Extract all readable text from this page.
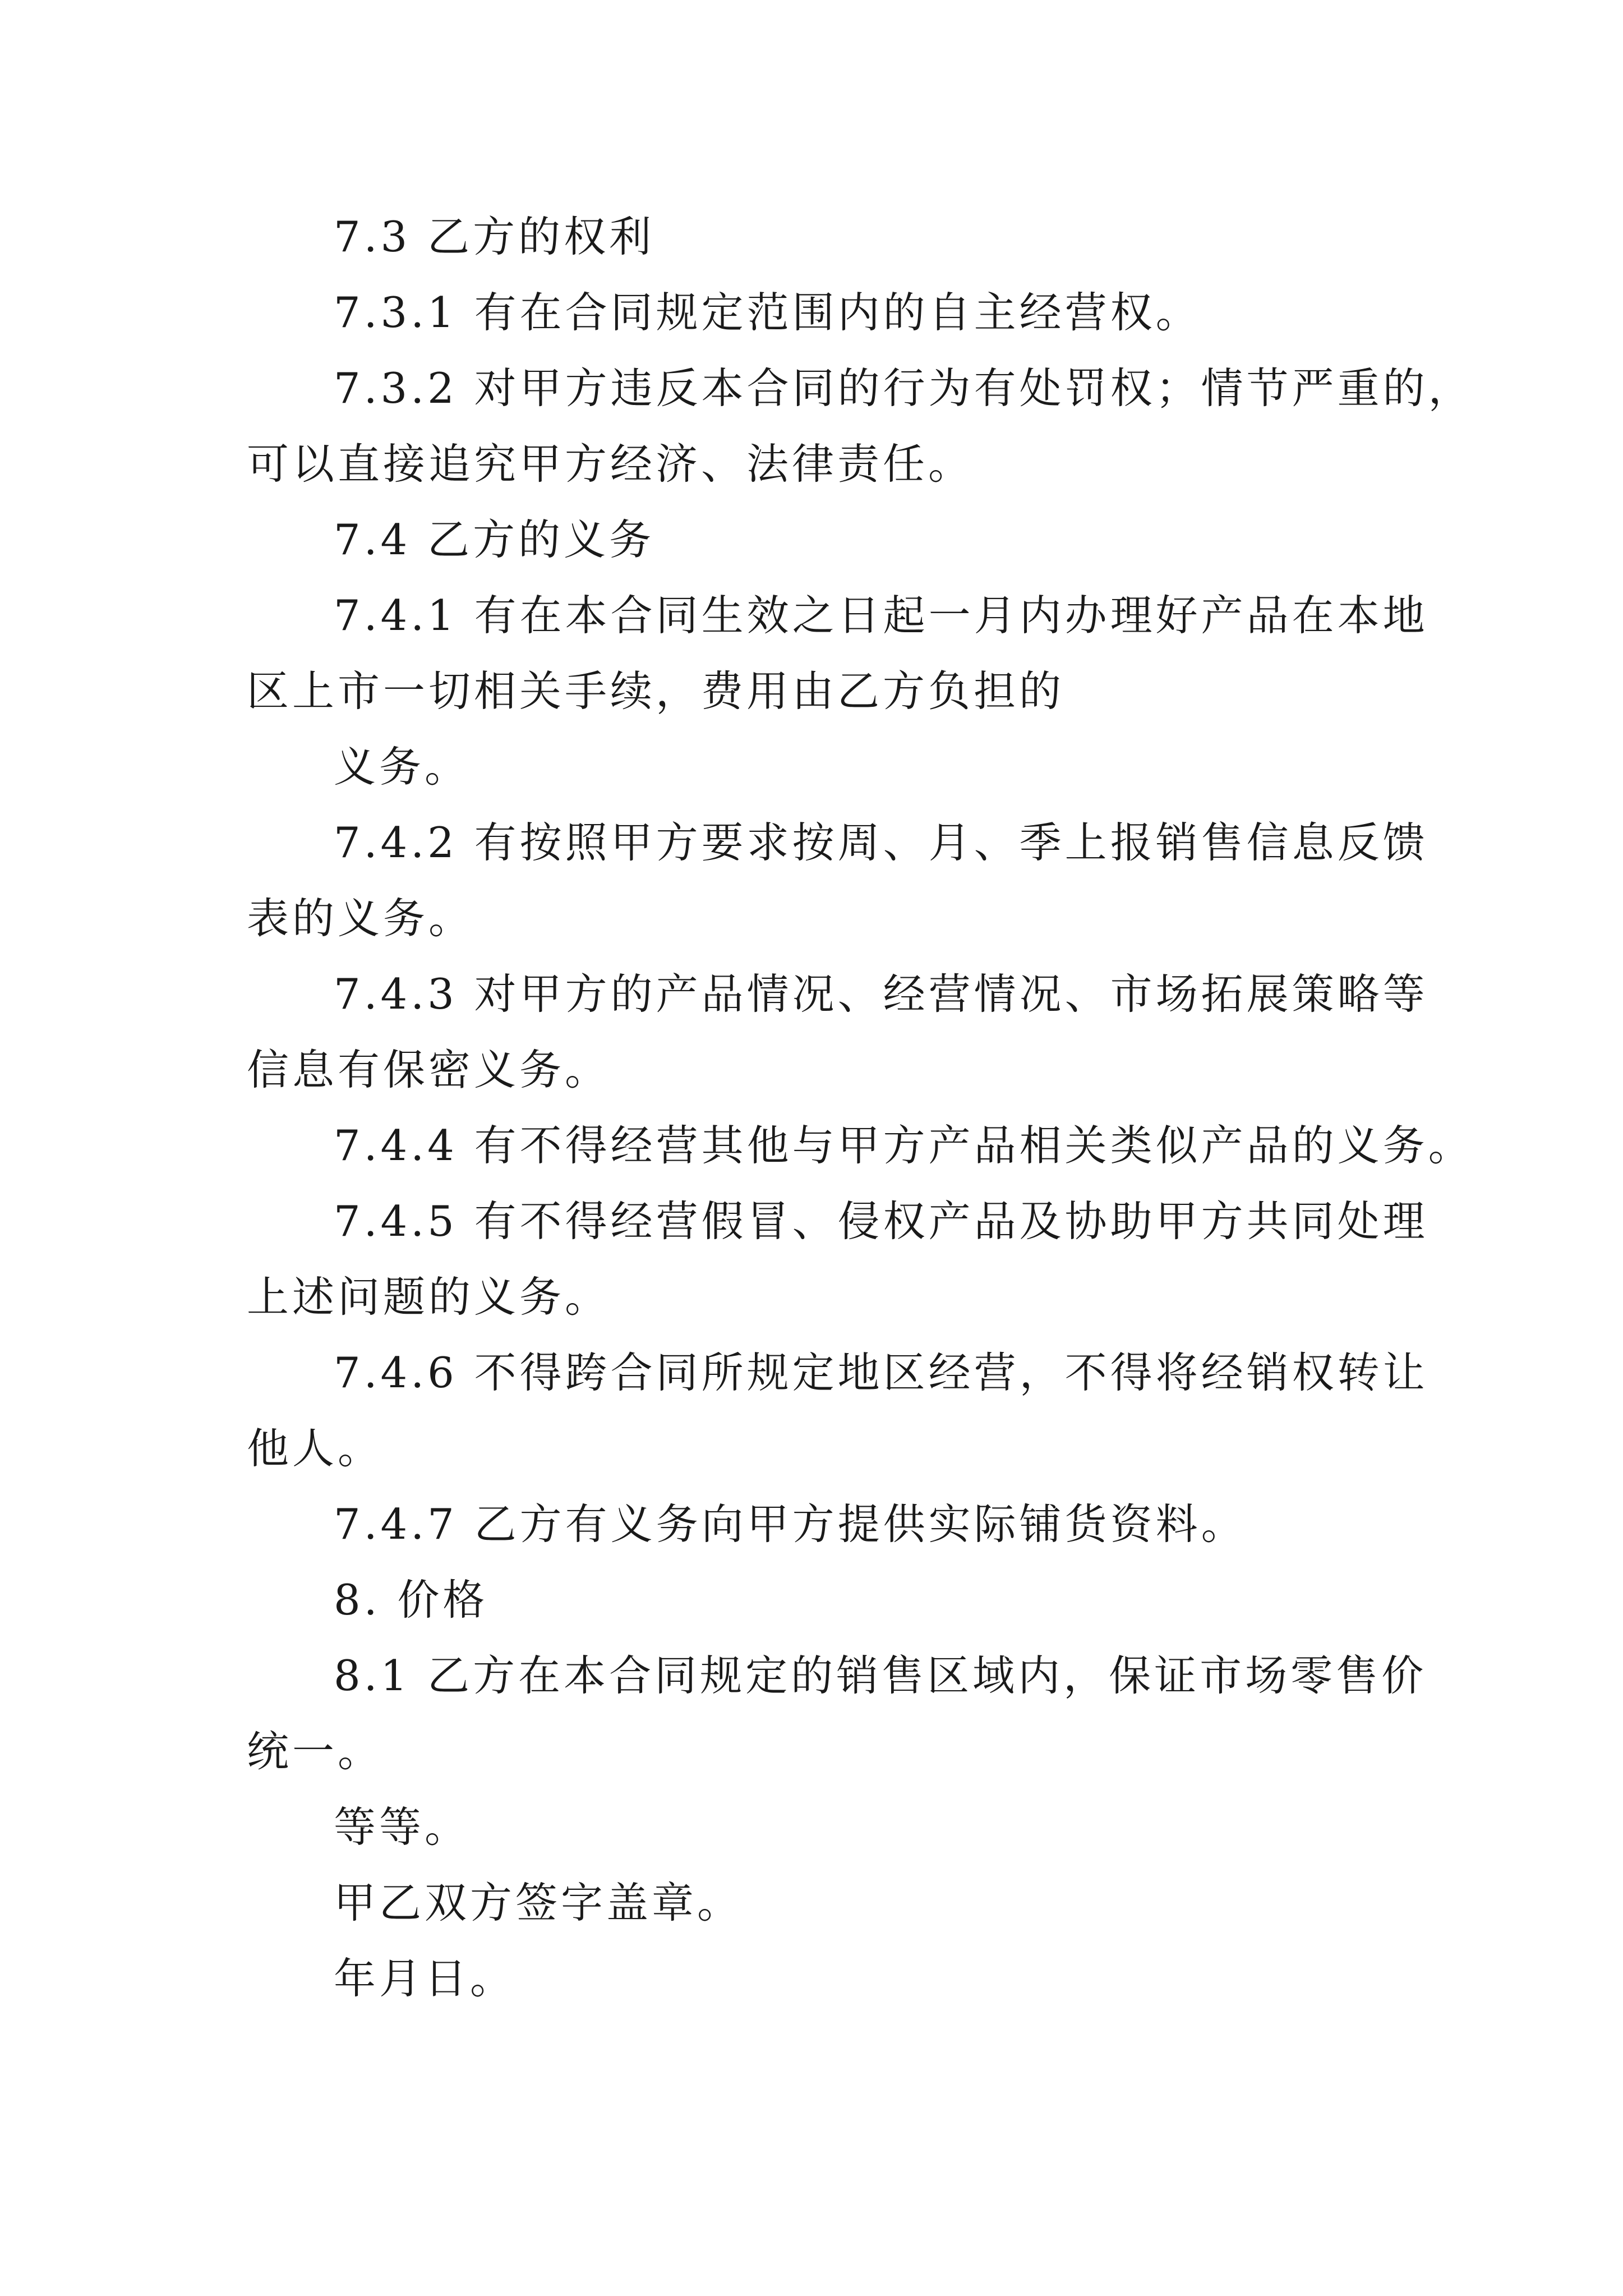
7.3 乙方的权利
7.3.1 有在合同规定范围内的自主经营权。
7.3.2 对甲方违反本合同的行为有处罚权；情节严重的，
可以直接追究甲方经济、法律责任。
7.4 乙方的义务
7.4.1 有在本合同生效之日起一月内办理好产品在本地
区上市一切相关手续，费用由乙方负担的
义务。
7.4.2 有按照甲方要求按周、月、季上报销售信息反馈
表的义务。
7.4.3 对甲方的产品情况、经营情况、市场拓展策略等
信息有保密义务。
7.4.4 有不得经营其他与甲方产品相关类似产品的义务。
7.4.5 有不得经营假冒、侵权产品及协助甲方共同处理
上述问题的义务。
7.4.6 不得跨合同所规定地区经营，不得将经销权转让
他人。
7.4.7 乙方有义务向甲方提供实际铺货资料。
8. 价格
8.1 乙方在本合同规定的销售区域内，保证市场零售价
统一。
等等。
甲乙双方签字盖章。
年月日。
